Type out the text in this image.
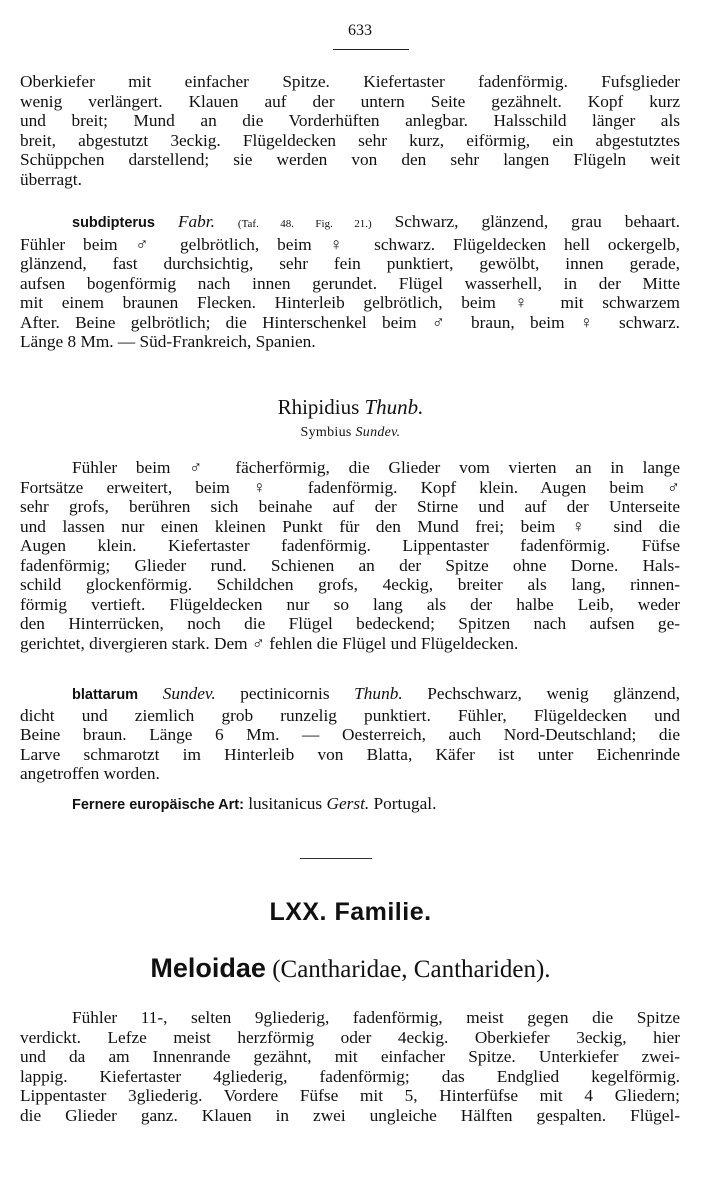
633
Oberkiefer mit einfacher Spitze. Kiefertaster fadenförmig. Fufsglieder
wenig verlängert. Klauen auf der untern Seite gezähnelt. Kopf kurz
und breit; Mund an die Vorderhüften anlegbar. Halsschild länger als
breit, abgestutzt 3eckig. Flügeldecken sehr kurz, eiförmig, ein abgestutztes
Schüppchen darstellend; sie werden von den sehr langen Flügeln weit
überragt.
subdipterus Fabr. (Taf. 48. Fig. 21.) Schwarz, glänzend, grau behaart.
Fühler beim ♂ gelbrötlich, beim ♀ schwarz. Flügeldecken hell ockergelb,
glänzend, fast durchsichtig, sehr fein punktiert, gewölbt, innen gerade,
aufsen bogenförmig nach innen gerundet. Flügel wasserhell, in der Mitte
mit einem braunen Flecken. Hinterleib gelbrötlich, beim ♀ mit schwarzem
After. Beine gelbrötlich; die Hinterschenkel beim ♂ braun, beim ♀ schwarz.
Länge 8 Mm. — Süd-Frankreich, Spanien.
Rhipidius Thunb.
Symbius Sundev.
Fühler beim ♂ fächerförmig, die Glieder vom vierten an in lange
Fortsätze erweitert, beim ♀ fadenförmig. Kopf klein. Augen beim ♂
sehr grofs, berühren sich beinahe auf der Stirne und auf der Unterseite
und lassen nur einen kleinen Punkt für den Mund frei; beim ♀ sind die
Augen klein. Kiefertaster fadenförmig. Lippentaster fadenförmig. Füfse
fadenförmig; Glieder rund. Schienen an der Spitze ohne Dorne. Hals-
schild glockenförmig. Schildchen grofs, 4eckig, breiter als lang, rinnen-
förmig vertieft. Flügeldecken nur so lang als der halbe Leib, weder
den Hinterrücken, noch die Flügel bedeckend; Spitzen nach aufsen ge-
gerichtet, divergieren stark. Dem ♂ fehlen die Flügel und Flügeldecken.
blattarum Sundev. pectinicornis Thunb. Pechschwarz, wenig glänzend,
dicht und ziemlich grob runzelig punktiert. Fühler, Flügeldecken und
Beine braun. Länge 6 Mm. — Oesterreich, auch Nord-Deutschland; die
Larve schmarotzt im Hinterleib von Blatta, Käfer ist unter Eichenrinde
angetroffen worden.
Fernere europäische Art: lusitanicus Gerst. Portugal.
LXX. Familie.
Meloidae (Cantharidae, Canthariden).
Fühler 11-, selten 9gliederig, fadenförmig, meist gegen die Spitze
verdickt. Lefze meist herzförmig oder 4eckig. Oberkiefer 3eckig, hier
und da am Innenrande gezähnt, mit einfacher Spitze. Unterkiefer zwei-
lappig. Kiefertaster 4gliederig, fadenförmig; das Endglied kegelförmig.
Lippentaster 3gliederig. Vordere Füfse mit 5, Hinterfüfse mit 4 Gliedern;
die Glieder ganz. Klauen in zwei ungleiche Hälften gespalten. Flügel-
